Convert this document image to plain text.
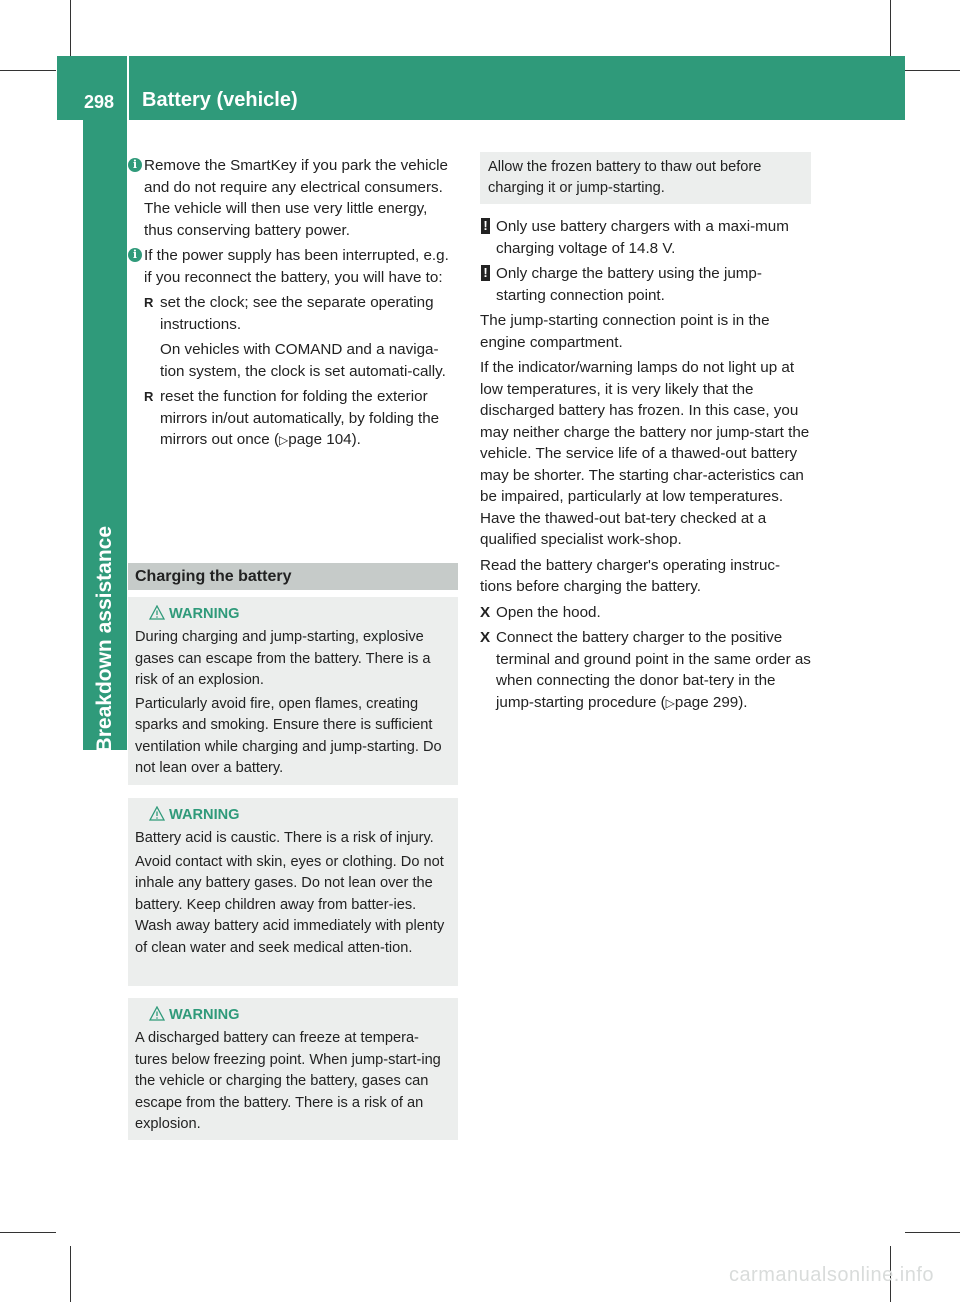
298 Battery (vehicle)
Breakdown assistance
i Remove the SmartKey if you park the vehicle and do not require any electrical consumers. The vehicle will then use very little energy, thus conserving battery power.
i If the power supply has been interrupted, e.g. if you reconnect the battery, you will have to:
R set the clock; see the separate operating instructions.
On vehicles with COMAND and a naviga-tion system, the clock is set automati-cally.
R reset the function for folding the exterior mirrors in/out automatically, by folding the mirrors out once (▷page 104).
Charging the battery
WARNING

During charging and jump-starting, explosive gases can escape from the battery. There is a risk of an explosion.

Particularly avoid fire, open flames, creating sparks and smoking. Ensure there is sufficient ventilation while charging and jump-starting. Do not lean over a battery.

WARNING

Battery acid is caustic. There is a risk of injury.

Avoid contact with skin, eyes or clothing. Do not inhale any battery gases. Do not lean over the battery. Keep children away from batter-ies. Wash away battery acid immediately with plenty of clean water and seek medical atten-tion.

WARNING

A discharged battery can freeze at tempera-tures below freezing point. When jump-start-ing the vehicle or charging the battery, gases can escape from the battery. There is a risk of an explosion.

Allow the frozen battery to thaw out before charging it or jump-starting.
! Only use battery chargers with a maxi-mum charging voltage of 14.8 V.
! Only charge the battery using the jump-starting connection point.

The jump-starting connection point is in the engine compartment.

If the indicator/warning lamps do not light up at low temperatures, it is very likely that the discharged battery has frozen. In this case, you may neither charge the battery nor jump-start the vehicle. The service life of a thawed-out battery may be shorter. The starting char-acteristics can be impaired, particularly at low temperatures. Have the thawed-out bat-tery checked at a qualified specialist work-shop.

Read the battery charger's operating instruc-tions before charging the battery.

X Open the hood.
X Connect the battery charger to the positive terminal and ground point in the same order as when connecting the donor bat-tery in the jump-starting procedure (▷page 299).
carmanualsonline.info
